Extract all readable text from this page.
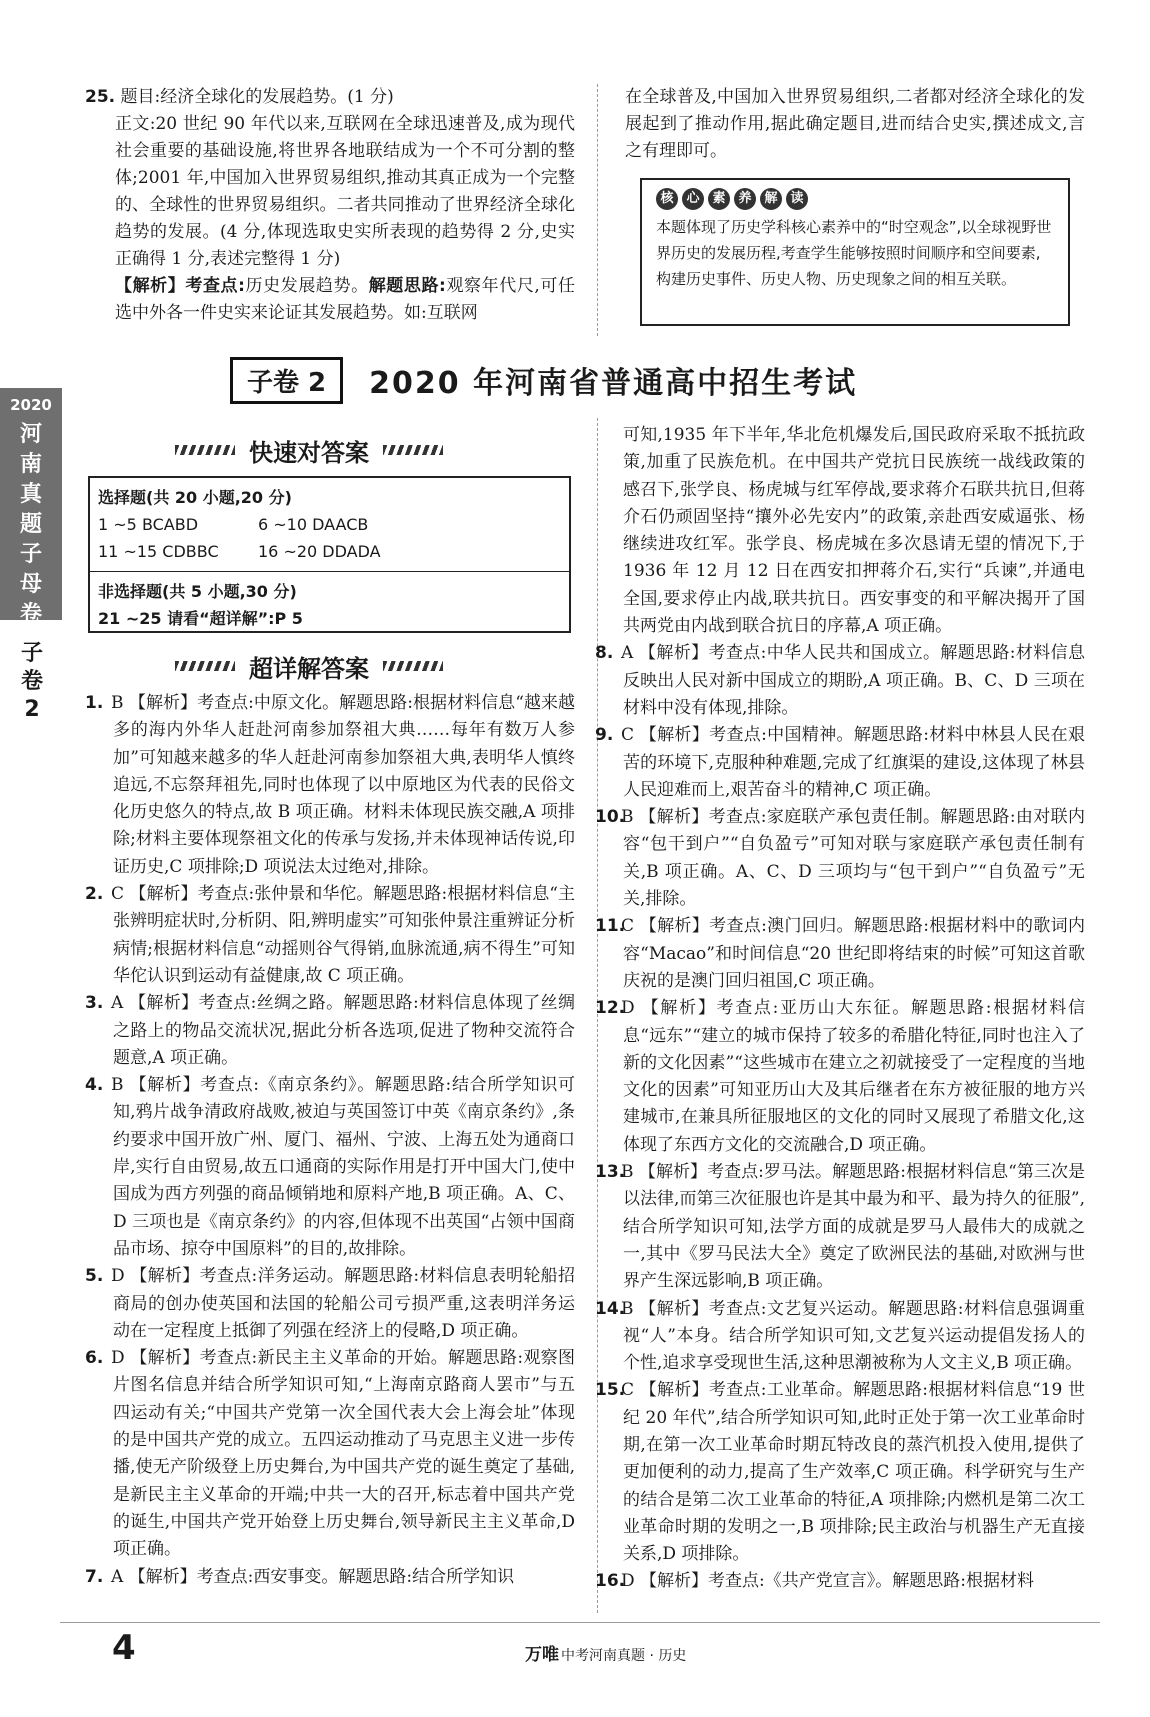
25. 题目:经济全球化的发展趋势。(1 分)

正文:20 世纪 90 年代以来,互联网在全球迅速普及,成为现代社会重要的基础设施,将世界各地联结成为一个不可分割的整体;2001 年,中国加入世界贸易组织,推动其真正成为一个完整的、全球性的世界贸易组织。二者共同推动了世界经济全球化趋势的发展。(4 分,体现选取史实所表现的趋势得 2 分,史实正确得 1 分,表述完整得 1 分)

【解析】考查点:历史发展趋势。解题思路:观察年代尺,可任选中外各一件史实来论证其发展趋势。如:互联网

在全球普及,中国加入世界贸易组织,二者都对经济全球化的发展起到了推动作用,据此确定题目,进而结合史实,撰述成文,言之有理即可。

核 心 素 养 解 读
本题体现了历史学科核心素养中的“时空观念”,以全球视野世界历史的发展历程,考查学生能够按照时间顺序和空间要素,构建历史事件、历史人物、历史现象之间的相互关联。
子卷 2	2020 年河南省普通高中招生考试
2020
河南真题子母卷
子卷2
快速对答案
选择题(共 20 小题,20 分)
1 ~5 BCABD	6 ~10 DAACB
11 ~15 CDBBC	16 ~20 DDADA
非选择题(共 5 小题,30 分)
21 ~25 请看“超详解”:P 5
超详解答案

1. B 【解析】考查点:中原文化。解题思路:根据材料信息“越来越多的海内外华人赶赴河南参加祭祖大典……每年有数万人参加”可知越来越多的华人赶赴河南参加祭祖大典,表明华人慎终追远,不忘祭拜祖先,同时也体现了以中原地区为代表的民俗文化历史悠久的特点,故 B 项正确。材料未体现民族交融,A 项排除;材料主要体现祭祖文化的传承与发扬,并未体现神话传说,印证历史,C 项排除;D 项说法太过绝对,排除。

2. C 【解析】考查点:张仲景和华佗。解题思路:根据材料信息“主张辨明症状时,分析阴、阳,辨明虚实”可知张仲景注重辨证分析病情;根据材料信息“动摇则谷气得销,血脉流通,病不得生”可知华佗认识到运动有益健康,故 C 项正确。

3. A 【解析】考查点:丝绸之路。解题思路:材料信息体现了丝绸之路上的物品交流状况,据此分析各选项,促进了物种交流符合题意,A 项正确。

4. B 【解析】考查点:《南京条约》。解题思路:结合所学知识可知,鸦片战争清政府战败,被迫与英国签订中英《南京条约》,条约要求中国开放广州、厦门、福州、宁波、上海五处为通商口岸,实行自由贸易,故五口通商的实际作用是打开中国大门,使中国成为西方列强的商品倾销地和原料产地,B 项正确。A、C、D 三项也是《南京条约》的内容,但体现不出英国“占领中国商品市场、掠夺中国原料”的目的,故排除。

5. D 【解析】考查点:洋务运动。解题思路:材料信息表明轮船招商局的创办使英国和法国的轮船公司亏损严重,这表明洋务运动在一定程度上抵御了列强在经济上的侵略,D 项正确。

6. D 【解析】考查点:新民主主义革命的开始。解题思路:观察图片图名信息并结合所学知识可知,“上海南京路商人罢市”与五四运动有关;“中国共产党第一次全国代表大会上海会址”体现的是中国共产党的成立。五四运动推动了马克思主义进一步传播,使无产阶级登上历史舞台,为中国共产党的诞生奠定了基础,是新民主主义革命的开端;中共一大的召开,标志着中国共产党的诞生,中国共产党开始登上历史舞台,领导新民主主义革命,D 项正确。

7. A 【解析】考查点:西安事变。解题思路:结合所学知识

可知,1935 年下半年,华北危机爆发后,国民政府采取不抵抗政策,加重了民族危机。在中国共产党抗日民族统一战线政策的感召下,张学良、杨虎城与红军停战,要求蒋介石联共抗日,但蒋介石仍顽固坚持“攘外必先安内”的政策,亲赴西安威逼张、杨继续进攻红军。张学良、杨虎城在多次恳请无望的情况下,于 1936 年 12 月 12 日在西安扣押蒋介石,实行“兵谏”,并通电全国,要求停止内战,联共抗日。西安事变的和平解决揭开了国共两党由内战到联合抗日的序幕,A 项正确。

8. A 【解析】考查点:中华人民共和国成立。解题思路:材料信息反映出人民对新中国成立的期盼,A 项正确。B、C、D 三项在材料中没有体现,排除。

9. C 【解析】考查点:中国精神。解题思路:材料中林县人民在艰苦的环境下,克服种种难题,完成了红旗渠的建设,这体现了林县人民迎难而上,艰苦奋斗的精神,C 项正确。

10.B 【解析】考查点:家庭联产承包责任制。解题思路:由对联内容“包干到户”“自负盈亏”可知对联与家庭联产承包责任制有关,B 项正确。A、C、D 三项均与“包干到户”“自负盈亏”无关,排除。

11.C 【解析】考查点:澳门回归。解题思路:根据材料中的歌词内容“Macao”和时间信息“20 世纪即将结束的时候”可知这首歌庆祝的是澳门回归祖国,C 项正确。

12.D 【解析】考查点:亚历山大东征。解题思路:根据材料信息“远东”“建立的城市保持了较多的希腊化特征,同时也注入了新的文化因素”“这些城市在建立之初就接受了一定程度的当地文化的因素”可知亚历山大及其后继者在东方被征服的地方兴建城市,在兼具所征服地区的文化的同时又展现了希腊文化,这体现了东西方文化的交流融合,D 项正确。

13.B 【解析】考查点:罗马法。解题思路:根据材料信息“第三次是以法律,而第三次征服也许是其中最为和平、最为持久的征服”,结合所学知识可知,法学方面的成就是罗马人最伟大的成就之一,其中《罗马民法大全》奠定了欧洲民法的基础,对欧洲与世界产生深远影响,B 项正确。

14.B 【解析】考查点:文艺复兴运动。解题思路:材料信息强调重视“人”本身。结合所学知识可知,文艺复兴运动提倡发扬人的个性,追求享受现世生活,这种思潮被称为人文主义,B 项正确。

15.C 【解析】考查点:工业革命。解题思路:根据材料信息“19 世纪 20 年代”,结合所学知识可知,此时正处于第一次工业革命时期,在第一次工业革命时期瓦特改良的蒸汽机投入使用,提供了更加便利的动力,提高了生产效率,C 项正确。科学研究与生产的结合是第二次工业革命的特征,A 项排除;内燃机是第二次工业革命时期的发明之一,B 项排除;民主政治与机器生产无直接关系,D 项排除。

16.D 【解析】考查点:《共产党宣言》。解题思路:根据材料

4	万唯 中考河南真题 · 历史
